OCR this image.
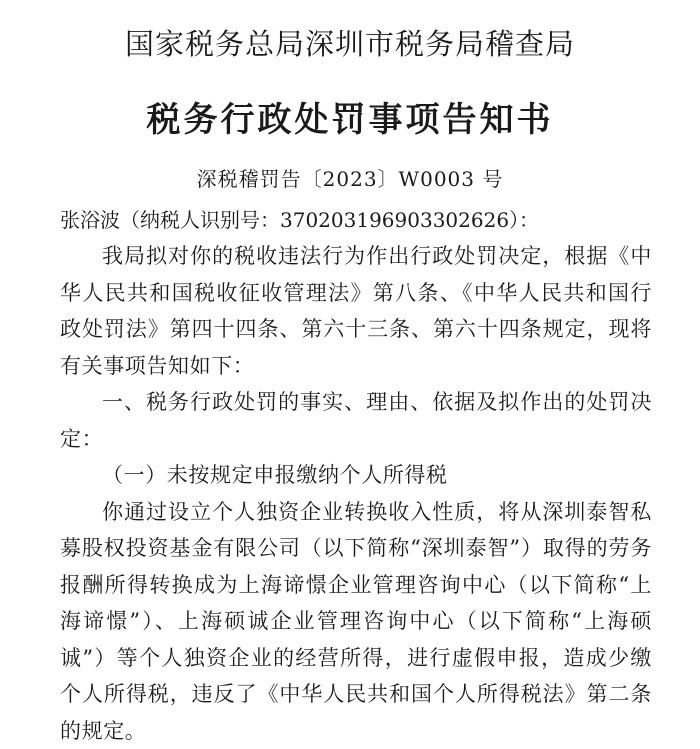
国家税务总局深圳市税务局稽查局
税务行政处罚事项告知书
深税稽罚告〔2023〕W0003 号
张浴波（纳税人识别号：370203196903302626）：

我局拟对你的税收违法行为作出行政处罚决定，根据《中华人民共和国税收征收管理法》第八条、《中华人民共和国行政处罚法》第四十四条、第六十三条、第六十四条规定，现将有关事项告知如下：

一、税务行政处罚的事实、理由、依据及拟作出的处罚决定：

（一）未按规定申报缴纳个人所得税

你通过设立个人独资企业转换收入性质，将从深圳泰智私募股权投资基金有限公司（以下简称“深圳泰智”）取得的劳务报酬所得转换成为上海谛憬企业管理咨询中心（以下简称“上海谛憬”）、上海硕诚企业管理咨询中心（以下简称“上海硕诚”）等个人独资企业的经营所得，进行虚假申报，造成少缴个人所得税，违反了《中华人民共和国个人所得税法》第二条的规定。
